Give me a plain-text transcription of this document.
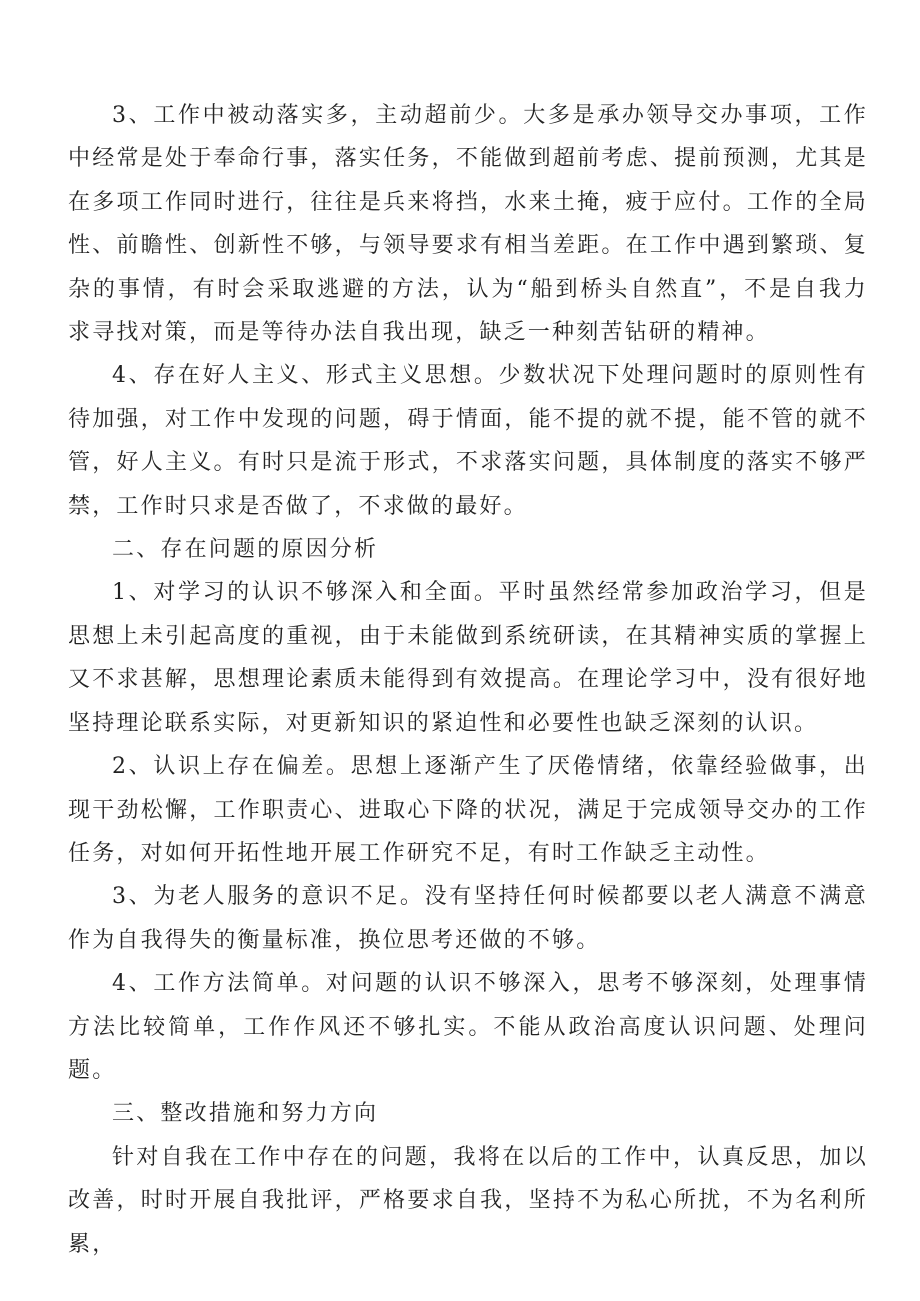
3、工作中被动落实多，主动超前少。大多是承办领导交办事项，工作中经常是处于奉命行事，落实任务，不能做到超前考虑、提前预测，尤其是在多项工作同时进行，往往是兵来将挡，水来土掩，疲于应付。工作的全局性、前瞻性、创新性不够，与领导要求有相当差距。在工作中遇到繁琐、复杂的事情，有时会采取逃避的方法，认为“船到桥头自然直”，不是自我力求寻找对策，而是等待办法自我出现，缺乏一种刻苦钻研的精神。

4、存在好人主义、形式主义思想。少数状况下处理问题时的原则性有待加强，对工作中发现的问题，碍于情面，能不提的就不提，能不管的就不管，好人主义。有时只是流于形式，不求落实问题，具体制度的落实不够严禁，工作时只求是否做了，不求做的最好。

二、存在问题的原因分析

1、对学习的认识不够深入和全面。平时虽然经常参加政治学习，但是思想上未引起高度的重视，由于未能做到系统研读，在其精神实质的掌握上又不求甚解，思想理论素质未能得到有效提高。在理论学习中，没有很好地坚持理论联系实际，对更新知识的紧迫性和必要性也缺乏深刻的认识。

2、认识上存在偏差。思想上逐渐产生了厌倦情绪，依靠经验做事，出现干劲松懈，工作职责心、进取心下降的状况，满足于完成领导交办的工作任务，对如何开拓性地开展工作研究不足，有时工作缺乏主动性。

3、为老人服务的意识不足。没有坚持任何时候都要以老人满意不满意作为自我得失的衡量标准，换位思考还做的不够。

4、工作方法简单。对问题的认识不够深入，思考不够深刻，处理事情方法比较简单，工作作风还不够扎实。不能从政治高度认识问题、处理问题。

三、整改措施和努力方向

针对自我在工作中存在的问题，我将在以后的工作中，认真反思，加以改善，时时开展自我批评，严格要求自我，坚持不为私心所扰，不为名利所累，
